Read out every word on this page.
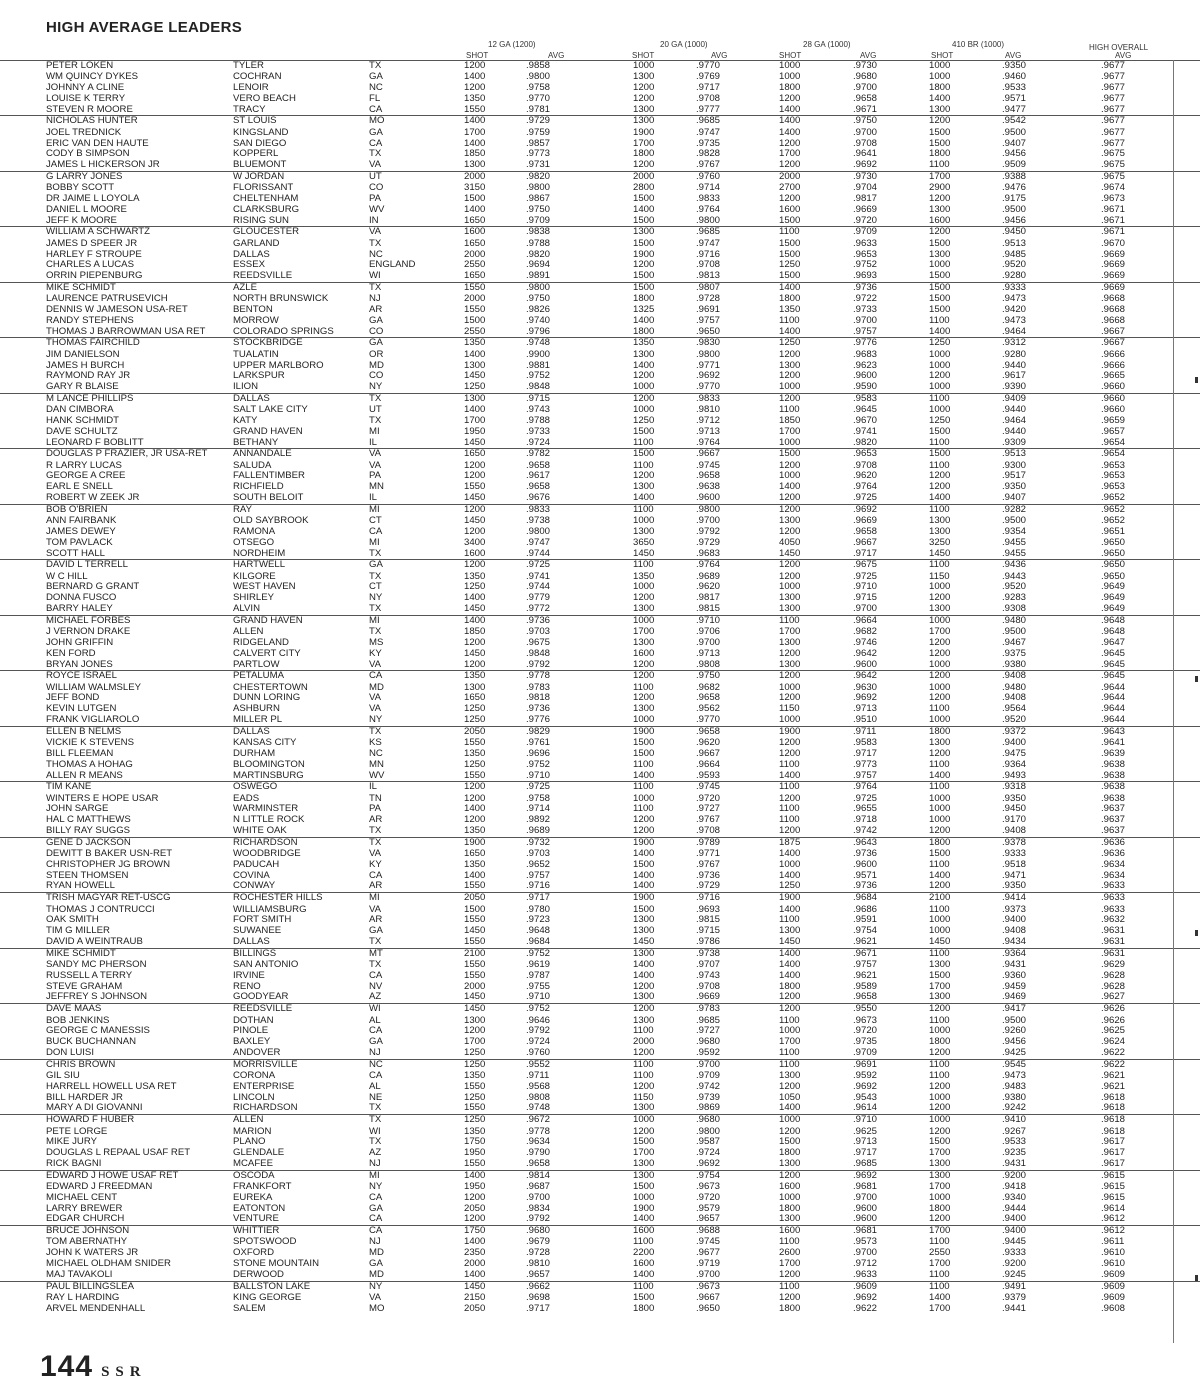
HIGH AVERAGE LEADERS
12 GA (1200)	20 GA (1000)	28 GA (1000)	410 BR (1000)	HIGH OVERALL
SHOT	AVG	SHOT	AVG	SHOT	AVG	SHOT	AVG	AVG
PETER LOKEN	TYLER	TX	1200	.9858	1000	.9770	1000	.9730	1000	.9350	.9677
WM QUINCY DYKES	COCHRAN	GA	1400	.9800	1300	.9769	1000	.9680	1000	.9460	.9677
JOHNNY A CLINE	LENOIR	NC	1200	.9758	1200	.9717	1800	.9700	1800	.9533	.9677
LOUISE K TERRY	VERO BEACH	FL	1350	.9770	1200	.9708	1200	.9658	1400	.9571	.9677
STEVEN R MOORE	TRACY	CA	1550	.9781	1300	.9777	1400	.9671	1300	.9477	.9677
NICHOLAS HUNTER	ST LOUIS	MO	1400	.9729	1300	.9685	1400	.9750	1200	.9542	.9677
JOEL TREDNICK	KINGSLAND	GA	1700	.9759	1900	.9747	1400	.9700	1500	.9500	.9677
ERIC VAN DEN HAUTE	SAN DIEGO	CA	1400	.9857	1700	.9735	1200	.9708	1500	.9407	.9677
CODY B SIMPSON	KOPPERL	TX	1850	.9773	1800	.9828	1700	.9641	1800	.9456	.9675
JAMES L HICKERSON JR	BLUEMONT	VA	1300	.9731	1200	.9767	1200	.9692	1100	.9509	.9675
G LARRY JONES	W JORDAN	UT	2000	.9820	2000	.9760	2000	.9730	1700	.9388	.9675
BOBBY SCOTT	FLORISSANT	CO	3150	.9800	2800	.9714	2700	.9704	2900	.9476	.9674
DR JAIME L LOYOLA	CHELTENHAM	PA	1500	.9867	1500	.9833	1200	.9817	1200	.9175	.9673
DANIEL L MOORE	CLARKSBURG	WV	1400	.9750	1400	.9764	1600	.9669	1300	.9500	.9671
JEFF K MOORE	RISING SUN	IN	1650	.9709	1500	.9800	1500	.9720	1600	.9456	.9671
WILLIAM A SCHWARTZ	GLOUCESTER	VA	1600	.9838	1300	.9685	1100	.9709	1200	.9450	.9671
JAMES D SPEER JR	GARLAND	TX	1650	.9788	1500	.9747	1500	.9633	1500	.9513	.9670
HARLEY F STROUPE	DALLAS	NC	2000	.9820	1900	.9716	1500	.9653	1300	.9485	.9669
CHARLES A LUCAS	ESSEX	ENGLAND	2550	.9694	1200	.9708	1250	.9752	1000	.9520	.9669
ORRIN PIEPENBURG	REEDSVILLE	WI	1650	.9891	1500	.9813	1500	.9693	1500	.9280	.9669
MIKE SCHMIDT	AZLE	TX	1550	.9800	1500	.9807	1400	.9736	1500	.9333	.9669
LAURENCE PATRUSEVICH	NORTH BRUNSWICK	NJ	2000	.9750	1800	.9728	1800	.9722	1500	.9473	.9668
DENNIS W JAMESON USA-RET	BENTON	AR	1550	.9826	1325	.9691	1350	.9733	1500	.9420	.9668
RANDY STEPHENS	MORROW	GA	1500	.9740	1400	.9757	1100	.9700	1100	.9473	.9668
THOMAS J BARROWMAN USA RET	COLORADO SPRINGS	CO	2550	.9796	1800	.9650	1400	.9757	1400	.9464	.9667
THOMAS FAIRCHILD	STOCKBRIDGE	GA	1350	.9748	1350	.9830	1250	.9776	1250	.9312	.9667
JIM DANIELSON	TUALATIN	OR	1400	.9900	1300	.9800	1200	.9683	1000	.9280	.9666
JAMES H BURCH	UPPER MARLBORO	MD	1300	.9881	1400	.9771	1300	.9623	1000	.9440	.9666
RAYMOND RAY JR	LARKSPUR	CO	1450	.9752	1200	.9692	1200	.9600	1200	.9617	.9665
GARY R BLAISE	ILION	NY	1250	.9848	1000	.9770	1000	.9590	1000	.9390	.9660
M LANCE PHILLIPS	DALLAS	TX	1300	.9715	1200	.9833	1200	.9583	1100	.9409	.9660
DAN CIMBORA	SALT LAKE CITY	UT	1400	.9743	1000	.9810	1100	.9645	1000	.9440	.9660
HANK SCHMIDT	KATY	TX	1700	.9788	1250	.9712	1850	.9670	1250	.9464	.9659
DAVE SCHULTZ	GRAND HAVEN	MI	1950	.9733	1500	.9713	1700	.9741	1500	.9440	.9657
LEONARD F BOBLITT	BETHANY	IL	1450	.9724	1100	.9764	1000	.9820	1100	.9309	.9654
DOUGLAS P FRAZIER, JR USA-RET	ANNANDALE	VA	1650	.9782	1500	.9667	1500	.9653	1500	.9513	.9654
R LARRY LUCAS	SALUDA	VA	1200	.9658	1100	.9745	1200	.9708	1100	.9300	.9653
GEORGE A CREE	FALLENTIMBER	PA	1200	.9617	1200	.9658	1000	.9620	1200	.9517	.9653
EARL E SNELL	RICHFIELD	MN	1550	.9658	1300	.9638	1400	.9764	1200	.9350	.9653
ROBERT W ZEEK JR	SOUTH BELOIT	IL	1450	.9676	1400	.9600	1200	.9725	1400	.9407	.9652
BOB O'BRIEN	RAY	MI	1200	.9833	1100	.9800	1200	.9692	1100	.9282	.9652
ANN FAIRBANK	OLD SAYBROOK	CT	1450	.9738	1000	.9700	1300	.9669	1300	.9500	.9652
JAMES DEWEY	RAMONA	CA	1200	.9800	1300	.9792	1200	.9658	1300	.9354	.9651
TOM PAVLACK	OTSEGO	MI	3400	.9747	3650	.9729	4050	.9667	3250	.9455	.9650
SCOTT HALL	NORDHEIM	TX	1600	.9744	1450	.9683	1450	.9717	1450	.9455	.9650
DAVID L TERRELL	HARTWELL	GA	1200	.9725	1100	.9764	1200	.9675	1100	.9436	.9650
W C HILL	KILGORE	TX	1350	.9741	1350	.9689	1200	.9725	1150	.9443	.9650
BERNARD G GRANT	WEST HAVEN	CT	1250	.9744	1000	.9620	1000	.9710	1000	.9520	.9649
DONNA FUSCO	SHIRLEY	NY	1400	.9779	1200	.9817	1300	.9715	1200	.9283	.9649
BARRY HALEY	ALVIN	TX	1450	.9772	1300	.9815	1300	.9700	1300	.9308	.9649
MICHAEL FORBES	GRAND HAVEN	MI	1400	.9736	1000	.9710	1100	.9664	1000	.9480	.9648
J VERNON DRAKE	ALLEN	TX	1850	.9703	1700	.9706	1700	.9682	1700	.9500	.9648
JOHN GRIFFIN	RIDGELAND	MS	1200	.9675	1300	.9700	1300	.9746	1200	.9467	.9647
KEN FORD	CALVERT CITY	KY	1450	.9848	1600	.9713	1200	.9642	1200	.9375	.9645
BRYAN JONES	PARTLOW	VA	1200	.9792	1200	.9808	1300	.9600	1000	.9380	.9645
ROYCE ISRAEL	PETALUMA	CA	1350	.9778	1200	.9750	1200	.9642	1200	.9408	.9645
WILLIAM WALMSLEY	CHESTERTOWN	MD	1300	.9783	1100	.9682	1000	.9630	1000	.9480	.9644
JEFF BOND	DUNN LORING	VA	1650	.9818	1200	.9658	1200	.9692	1200	.9408	.9644
KEVIN LUTGEN	ASHBURN	VA	1250	.9736	1300	.9562	1150	.9713	1100	.9564	.9644
FRANK VIGLIAROLO	MILLER PL	NY	1250	.9776	1000	.9770	1000	.9510	1000	.9520	.9644
ELLEN B NELMS	DALLAS	TX	2050	.9829	1900	.9658	1900	.9711	1800	.9372	.9643
VICKIE K STEVENS	KANSAS CITY	KS	1550	.9761	1500	.9620	1200	.9583	1300	.9400	.9641
BILL FLEEMAN	DURHAM	NC	1350	.9696	1500	.9667	1200	.9717	1200	.9475	.9639
THOMAS A HOHAG	BLOOMINGTON	MN	1250	.9752	1100	.9664	1100	.9773	1100	.9364	.9638
ALLEN R MEANS	MARTINSBURG	WV	1550	.9710	1400	.9593	1400	.9757	1400	.9493	.9638
TIM KANE	OSWEGO	IL	1200	.9725	1100	.9745	1100	.9764	1100	.9318	.9638
WINTERS E HOPE USAR	EADS	TN	1200	.9758	1000	.9720	1200	.9725	1000	.9350	.9638
JOHN SARGE	WARMINSTER	PA	1400	.9714	1100	.9727	1100	.9655	1000	.9450	.9637
HAL C MATTHEWS	N LITTLE ROCK	AR	1200	.9892	1200	.9767	1100	.9718	1000	.9170	.9637
BILLY RAY SUGGS	WHITE OAK	TX	1350	.9689	1200	.9708	1200	.9742	1200	.9408	.9637
GENE D JACKSON	RICHARDSON	TX	1900	.9732	1900	.9789	1875	.9643	1800	.9378	.9636
DEWITT B BAKER USN-RET	WOODBRIDGE	VA	1650	.9703	1400	.9771	1400	.9736	1500	.9333	.9636
CHRISTOPHER JG BROWN	PADUCAH	KY	1350	.9652	1500	.9767	1000	.9600	1100	.9518	.9634
STEEN THOMSEN	COVINA	CA	1400	.9757	1400	.9736	1400	.9571	1400	.9471	.9634
RYAN HOWELL	CONWAY	AR	1550	.9716	1400	.9729	1250	.9736	1200	.9350	.9633
TRISH MAGYAR RET-USCG	ROCHESTER HILLS	MI	2050	.9717	1900	.9716	1900	.9684	2100	.9414	.9633
THOMAS J CONTRUCCI	WILLIAMSBURG	VA	1500	.9780	1500	.9693	1400	.9686	1100	.9373	.9633
OAK SMITH	FORT SMITH	AR	1550	.9723	1300	.9815	1100	.9591	1000	.9400	.9632
TIM G MILLER	SUWANEE	GA	1450	.9648	1300	.9715	1300	.9754	1000	.9408	.9631
DAVID A WEINTRAUB	DALLAS	TX	1550	.9684	1450	.9786	1450	.9621	1450	.9434	.9631
MIKE SCHMIDT	BILLINGS	MT	2100	.9752	1300	.9738	1400	.9671	1100	.9364	.9631
SANDY MC PHERSON	SAN ANTONIO	TX	1550	.9619	1400	.9707	1400	.9757	1300	.9431	.9629
RUSSELL A TERRY	IRVINE	CA	1550	.9787	1400	.9743	1400	.9621	1500	.9360	.9628
STEVE GRAHAM	RENO	NV	2000	.9755	1200	.9708	1800	.9589	1700	.9459	.9628
JEFFREY S JOHNSON	GOODYEAR	AZ	1450	.9710	1300	.9669	1200	.9658	1300	.9469	.9627
DAVE MAAS	REEDSVILLE	WI	1450	.9752	1200	.9783	1200	.9550	1200	.9417	.9626
BOB JENKINS	DOTHAN	AL	1300	.9646	1300	.9685	1100	.9673	1100	.9500	.9626
GEORGE C MANESSIS	PINOLE	CA	1200	.9792	1100	.9727	1000	.9720	1000	.9260	.9625
BUCK BUCHANNAN	BAXLEY	GA	1700	.9724	2000	.9680	1700	.9735	1800	.9456	.9624
DON LUISI	ANDOVER	NJ	1250	.9760	1200	.9592	1100	.9709	1200	.9425	.9622
CHRIS BROWN	MORRISVILLE	NC	1250	.9552	1100	.9700	1100	.9691	1100	.9545	.9622
GIL SIU	CORONA	CA	1350	.9711	1100	.9709	1300	.9592	1100	.9473	.9621
HARRELL HOWELL USA RET	ENTERPRISE	AL	1550	.9568	1200	.9742	1200	.9692	1200	.9483	.9621
BILL HARDER JR	LINCOLN	NE	1250	.9808	1150	.9739	1050	.9543	1000	.9380	.9618
MARY A DI GIOVANNI	RICHARDSON	TX	1550	.9748	1300	.9869	1400	.9614	1200	.9242	.9618
HOWARD F HUBER	ALLEN	TX	1250	.9672	1000	.9680	1000	.9710	1000	.9410	.9618
PETE LORGE	MARION	WI	1350	.9778	1200	.9800	1200	.9625	1200	.9267	.9618
MIKE JURY	PLANO	TX	1750	.9634	1500	.9587	1500	.9713	1500	.9533	.9617
DOUGLAS L REPAAL USAF RET	GLENDALE	AZ	1950	.9790	1700	.9724	1800	.9717	1700	.9235	.9617
RICK BAGNI	MCAFEE	NJ	1550	.9658	1300	.9692	1300	.9685	1300	.9431	.9617
EDWARD J HOWE USAF RET	OSCODA	MI	1400	.9814	1300	.9754	1200	.9692	1300	.9200	.9615
EDWARD J FREEDMAN	FRANKFORT	NY	1950	.9687	1500	.9673	1600	.9681	1700	.9418	.9615
MICHAEL CENT	EUREKA	CA	1200	.9700	1000	.9720	1000	.9700	1000	.9340	.9615
LARRY BREWER	EATONTON	GA	2050	.9834	1900	.9579	1800	.9600	1800	.9444	.9614
EDGAR CHURCH	VENTURE	CA	1200	.9792	1400	.9657	1300	.9600	1200	.9400	.9612
BRUCE JOHNSON	WHITTIER	CA	1750	.9680	1600	.9688	1600	.9681	1700	.9400	.9612
TOM ABERNATHY	SPOTSWOOD	NJ	1400	.9679	1100	.9745	1100	.9573	1100	.9445	.9611
JOHN K WATERS JR	OXFORD	MD	2350	.9728	2200	.9677	2600	.9700	2550	.9333	.9610
MICHAEL OLDHAM SNIDER	STONE MOUNTAIN	GA	2000	.9810	1600	.9719	1700	.9712	1700	.9200	.9610
MAJ TAVAKOLI	DERWOOD	MD	1400	.9657	1400	.9700	1200	.9633	1100	.9245	.9609
PAUL BILLINGSLEA	BALLSTON LAKE	NY	1450	.9662	1100	.9673	1100	.9609	1100	.9491	.9609
RAY L HARDING	KING GEORGE	VA	2150	.9698	1500	.9667	1200	.9692	1400	.9379	.9609
ARVEL MENDENHALL	SALEM	MO	2050	.9717	1800	.9650	1800	.9622	1700	.9441	.9608
144 SSR
